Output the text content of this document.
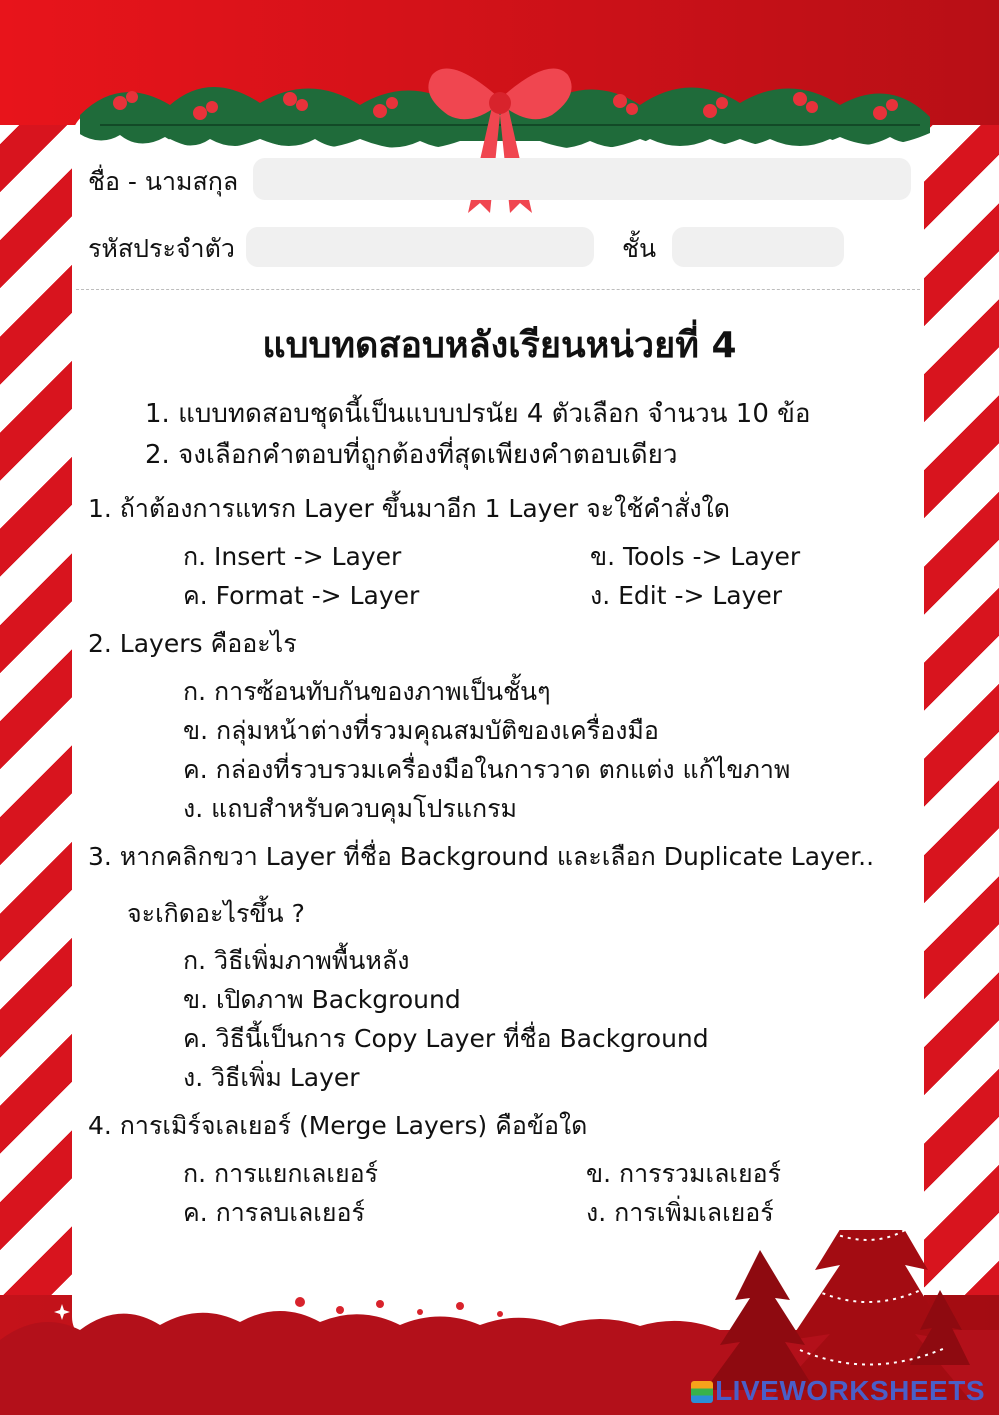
ชื่อ - นามสกุล
รหัสประจำตัว	ชั้น
แบบทดสอบหลังเรียนหน่วยที่ 4
1. แบบทดสอบชุดนี้เป็นแบบปรนัย 4 ตัวเลือก จำนวน 10 ข้อ
2. จงเลือกคำตอบที่ถูกต้องที่สุดเพียงคำตอบเดียว
1. ถ้าต้องการแทรก Layer ขึ้นมาอีก 1 Layer จะใช้คำสั่งใด
ก. Insert -> Layer	ข. Tools -> Layer
ค. Format -> Layer	ง. Edit -> Layer
2. Layers คืออะไร
ก. การซ้อนทับกันของภาพเป็นชั้นๆ
ข. กลุ่มหน้าต่างที่รวมคุณสมบัติของเครื่องมือ
ค. กล่องที่รวบรวมเครื่องมือในการวาด ตกแต่ง แก้ไขภาพ
ง. แถบสำหรับควบคุมโปรแกรม
3. หากคลิกขวา Layer ที่ชื่อ Background และเลือก Duplicate Layer..
จะเกิดอะไรขึ้น ?
ก. วิธีเพิ่มภาพพื้นหลัง
ข. เปิดภาพ Background
ค. วิธีนี้เป็นการ Copy Layer ที่ชื่อ Background
ง. วิธีเพิ่ม Layer
4. การเมิร์จเลเยอร์ (Merge Layers) คือข้อใด
ก. การแยกเลเยอร์	ข. การรวมเลเยอร์
ค. การลบเลเยอร์	ง. การเพิ่มเลเยอร์
LIVEWORKSHEETS
